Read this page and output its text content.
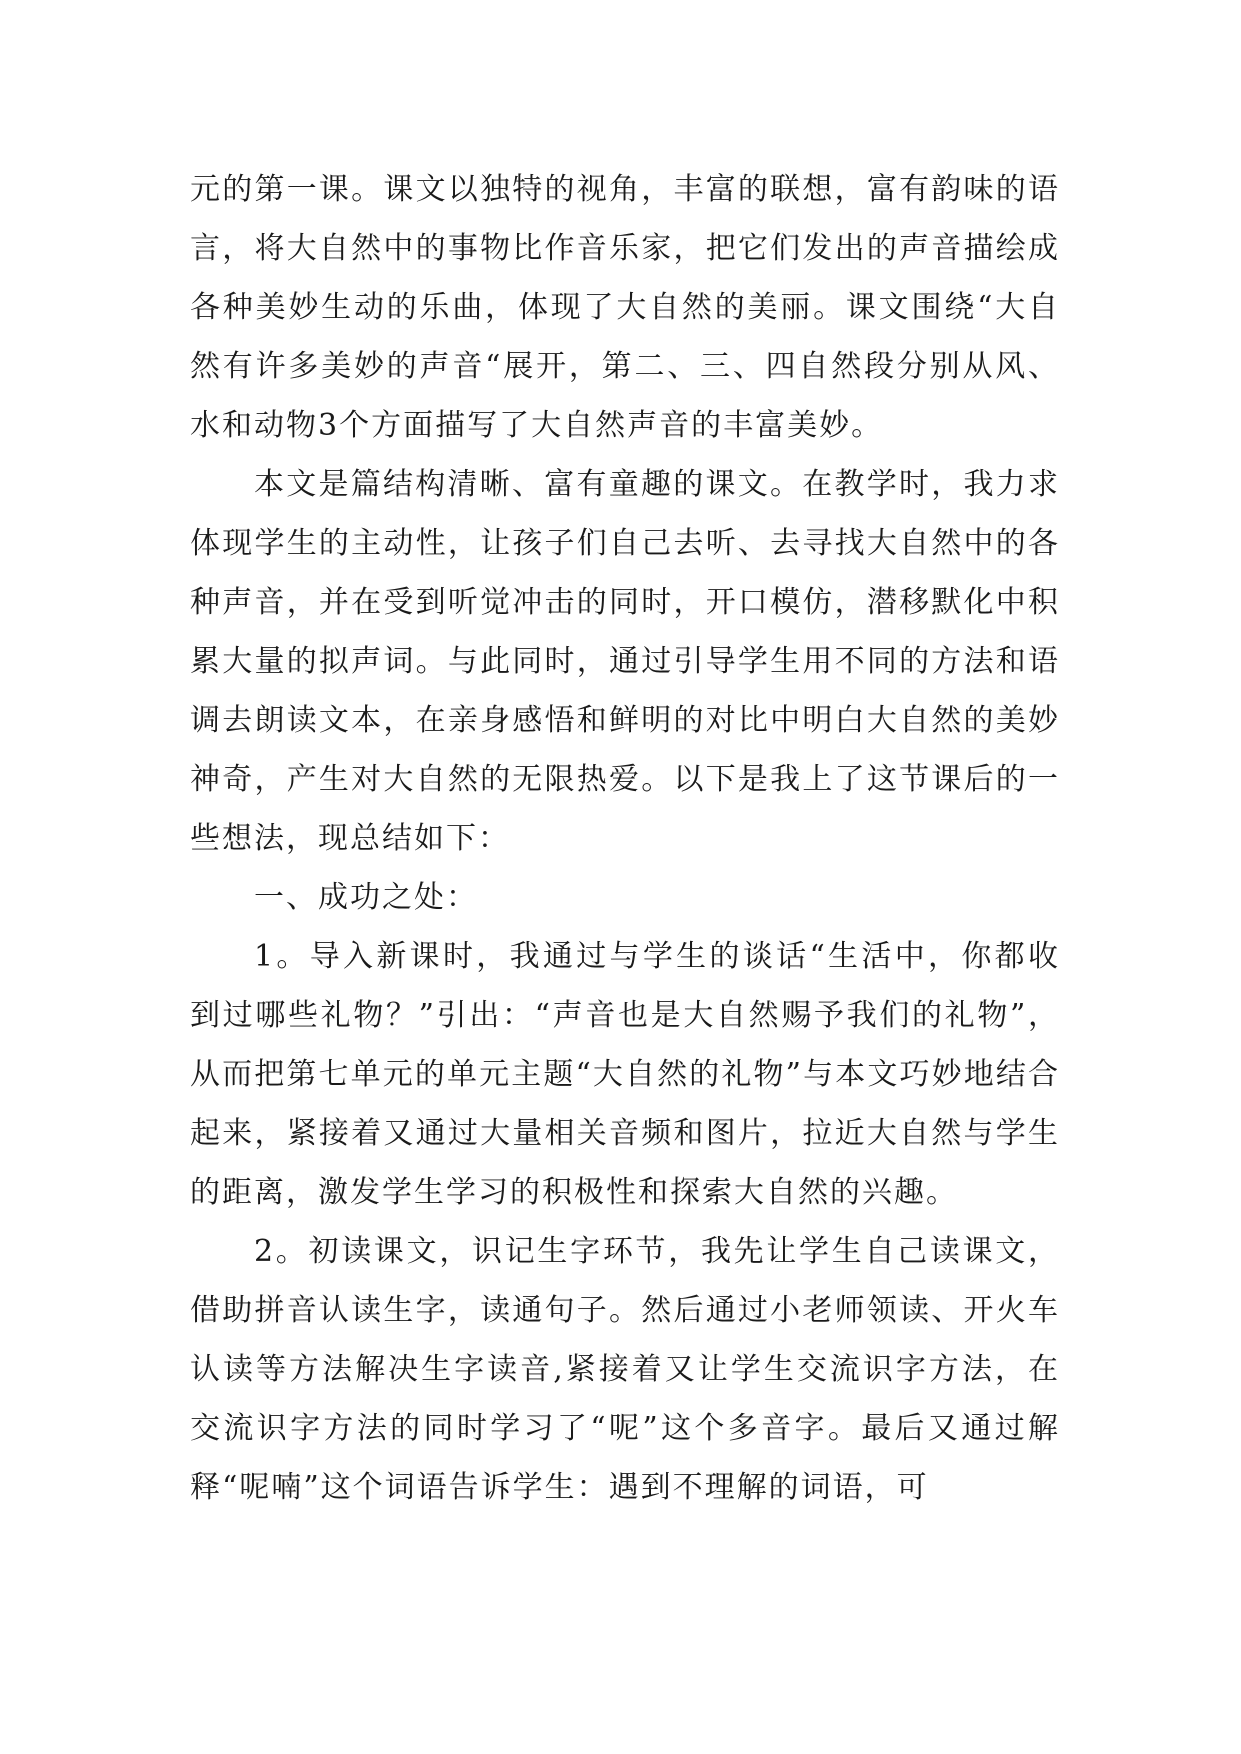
元的第一课。课文以独特的视角，丰富的联想，富有韵味的语言，将大自然中的事物比作音乐家，把它们发出的声音描绘成各种美妙生动的乐曲，体现了大自然的美丽。课文围绕“大自然有许多美妙的声音“展开，第二、三、四自然段分别从风、水和动物3个方面描写了大自然声音的丰富美妙。

本文是篇结构清晰、富有童趣的课文。在教学时，我力求体现学生的主动性，让孩子们自己去听、去寻找大自然中的各种声音，并在受到听觉冲击的同时，开口模仿，潜移默化中积累大量的拟声词。与此同时，通过引导学生用不同的方法和语调去朗读文本，在亲身感悟和鲜明的对比中明白大自然的美妙神奇，产生对大自然的无限热爱。以下是我上了这节课后的一些想法，现总结如下：

一、成功之处：

1。导入新课时，我通过与学生的谈话“生活中，你都收到过哪些礼物？”引出：“声音也是大自然赐予我们的礼物”，从而把第七单元的单元主题“大自然的礼物”与本文巧妙地结合起来，紧接着又通过大量相关音频和图片，拉近大自然与学生的距离，激发学生学习的积极性和探索大自然的兴趣。

2。初读课文，识记生字环节，我先让学生自己读课文，借助拼音认读生字，读通句子。然后通过小老师领读、开火车认读等方法解决生字读音,紧接着又让学生交流识字方法，在交流识字方法的同时学习了“呢”这个多音字。最后又通过解释“呢喃”这个词语告诉学生：遇到不理解的词语，可
